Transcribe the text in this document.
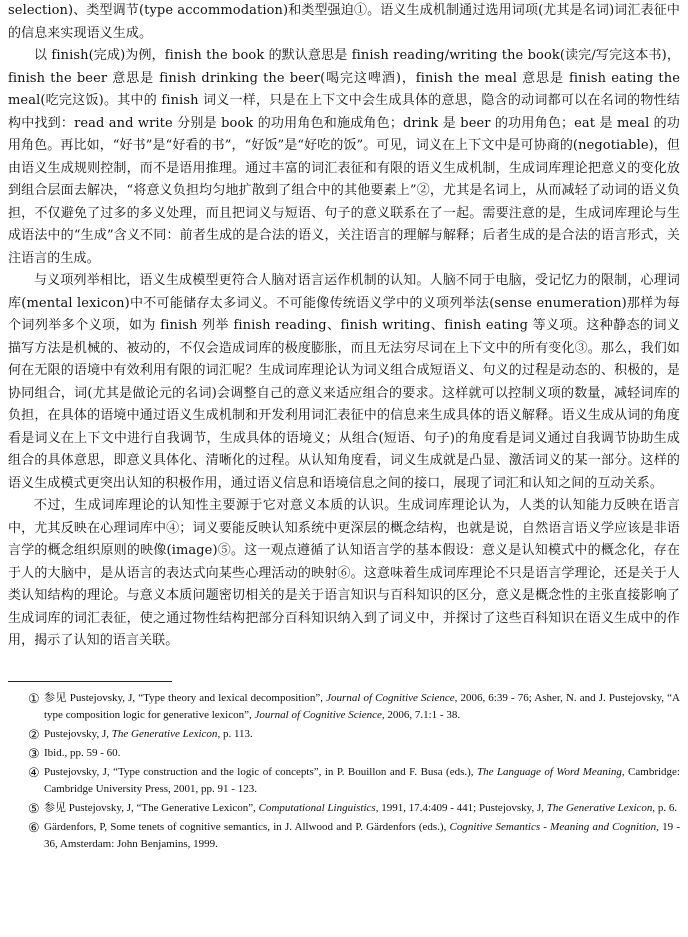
selection)、类型调节(type accommodation)和类型强迫①。语义生成机制通过选用词项(尤其是名词)词汇表征中的信息来实现语义生成。

以 finish(完成)为例，finish the book 的默认意思是 finish reading/writing the book(读完/写完这本书)，finish the beer 意思是 finish drinking the beer(喝完这啤酒)，finish the meal 意思是 finish eating the meal(吃完这饭)。其中的 finish 词义一样，只是在上下文中会生成具体的意思，隐含的动词都可以在名词的物性结构中找到：read and write 分别是 book 的功用角色和施成角色；drink 是 beer 的功用角色；eat 是 meal 的功用角色。再比如，“好书”是“好看的书”，“好饭”是“好吃的饭”。可见，词义在上下文中是可协商的(negotiable)，但由语义生成规则控制，而不是语用推理。通过丰富的词汇表征和有限的语义生成机制，生成词库理论把意义的变化放到组合层面去解决，“将意义负担均匀地扩散到了组合中的其他要素上”②，尤其是名词上，从而减轻了动词的语义负担，不仅避免了过多的多义处理，而且把词义与短语、句子的意义联系在了一起。需要注意的是，生成词库理论与生成语法中的“生成”含义不同：前者生成的是合法的语义，关注语言的理解与解释；后者生成的是合法的语言形式，关注语言的生成。

与义项列举相比，语义生成模型更符合人脑对语言运作机制的认知。人脑不同于电脑，受记忆力的限制，心理词库(mental lexicon)中不可能储存太多词义。不可能像传统语义学中的义项列举法(sense enumeration)那样为每个词列举多个义项，如为 finish 列举 finish reading、finish writing、finish eating 等义项。这种静态的词义描写方法是机械的、被动的，不仅会造成词库的极度膨胀，而且无法穷尽词在上下文中的所有变化③。那么，我们如何在无限的语境中有效利用有限的词汇呢？生成词库理论认为词义组合成短语义、句义的过程是动态的、积极的，是协同组合，词(尤其是做论元的名词)会调整自己的意义来适应组合的要求。这样就可以控制义项的数量，减轻词库的负担，在具体的语境中通过语义生成机制和开发利用词汇表征中的信息来生成具体的语义解释。语义生成从词的角度看是词义在上下文中进行自我调节，生成具体的语境义；从组合(短语、句子)的角度看是词义通过自我调节协助生成组合的具体意思，即意义具体化、清晰化的过程。从认知角度看，词义生成就是凸显、激活词义的某一部分。这样的语义生成模式更突出认知的积极作用，通过语义信息和语境信息之间的接口，展现了词汇和认知之间的互动关系。

不过，生成词库理论的认知性主要源于它对意义本质的认识。生成词库理论认为，人类的认知能力反映在语言中，尤其反映在心理词库中④；词义要能反映认知系统中更深层的概念结构，也就是说，自然语言语义学应该是非语言学的概念组织原则的映像(image)⑤。这一观点遵循了认知语言学的基本假设：意义是认知模式中的概念化，存在于人的大脑中，是从语言的表达式向某些心理活动的映射⑥。这意味着生成词库理论不只是语言学理论，还是关于人类认知结构的理论。与意义本质问题密切相关的是关于语言知识与百科知识的区分，意义是概念性的主张直接影响了生成词库的词汇表征，使之通过物性结构把部分百科知识纳入到了词义中，并探讨了这些百科知识在语义生成中的作用，揭示了认知的语言关联。

① 参见 Pustejovsky, J, “Type theory and lexical decomposition”, Journal of Cognitive Science, 2006, 6:39 - 76; Asher, N. and J. Pustejovsky, “A type composition logic for generative lexicon”, Journal of Cognitive Science, 2006, 7.1:1 - 38.
② Pustejovsky, J, The Generative Lexicon, p. 113.
③ Ibid., pp. 59 - 60.
④ Pustejovsky, J, “Type construction and the logic of concepts”, in P. Bouillon and F. Busa (eds.), The Language of Word Meaning, Cambridge: Cambridge University Press, 2001, pp. 91 - 123.
⑤ 参见 Pustejovsky, J, “The Generative Lexicon”, Computational Linguistics, 1991, 17.4:409 - 441; Pustejovsky, J, The Generative Lexicon, p. 6.
⑥ Gärdenfors, P, Some tenets of cognitive semantics, in J. Allwood and P. Gärdenfors (eds.), Cognitive Semantics - Meaning and Cognition, 19 - 36, Amsterdam: John Benjamins, 1999.
